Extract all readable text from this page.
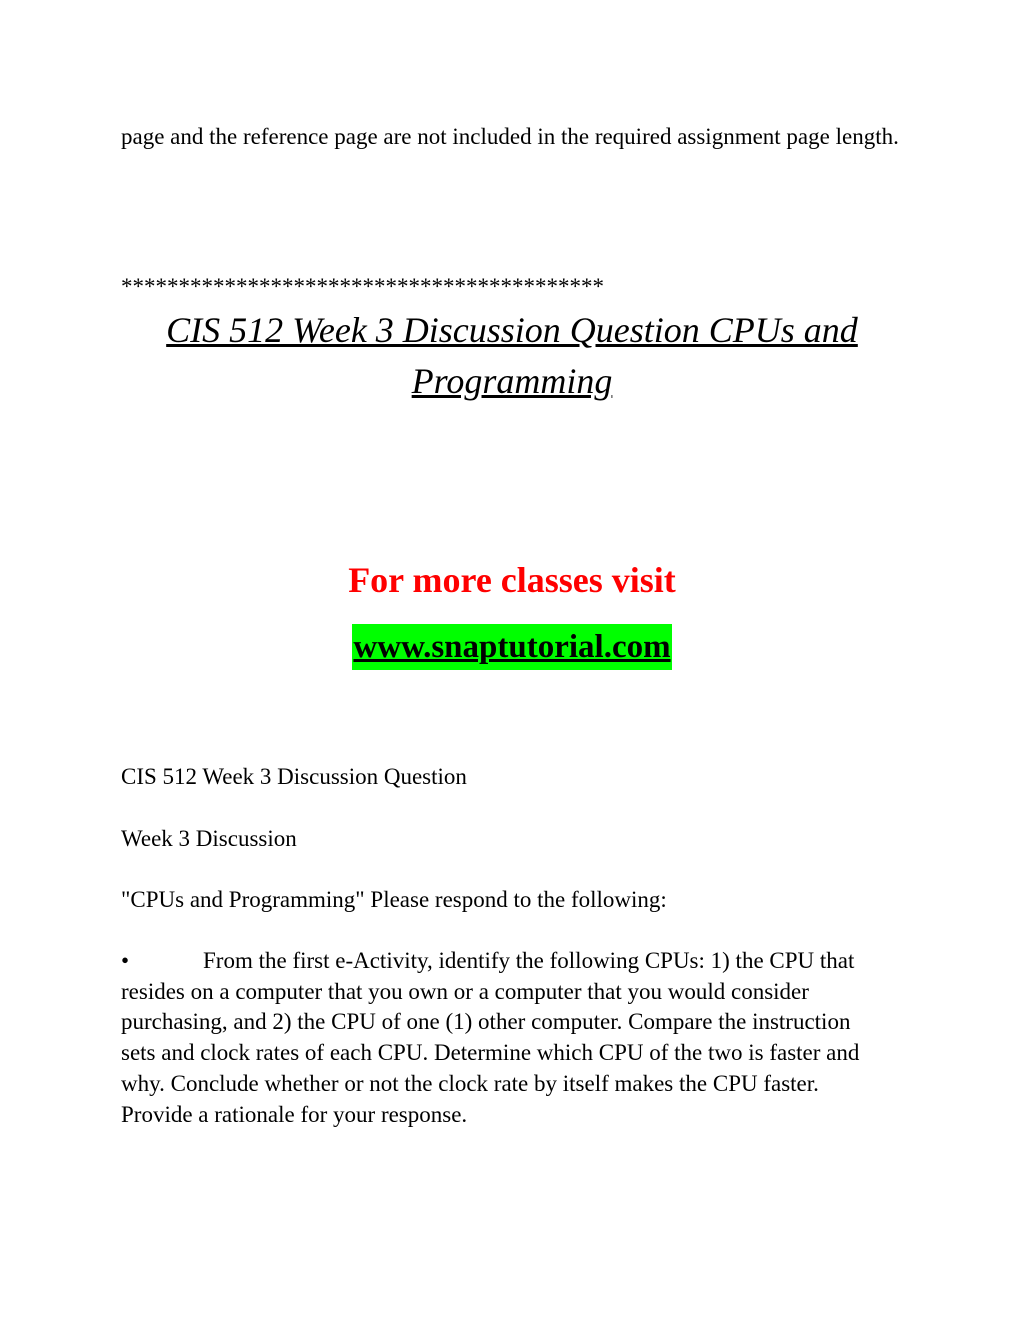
page and the reference page are not included in the required assignment page length.

******************************************

CIS 512 Week 3 Discussion Question CPUs and Programming

For more classes visit

www.snaptutorial.com

CIS 512 Week 3 Discussion Question

Week 3 Discussion

"CPUs and Programming" Please respond to the following:

•	From the first e-Activity, identify the following CPUs: 1) the CPU that resides on a computer that you own or a computer that you would consider purchasing, and 2) the CPU of one (1) other computer. Compare the instruction sets and clock rates of each CPU. Determine which CPU of the two is faster and why. Conclude whether or not the clock rate by itself makes the CPU faster. Provide a rationale for your response.
